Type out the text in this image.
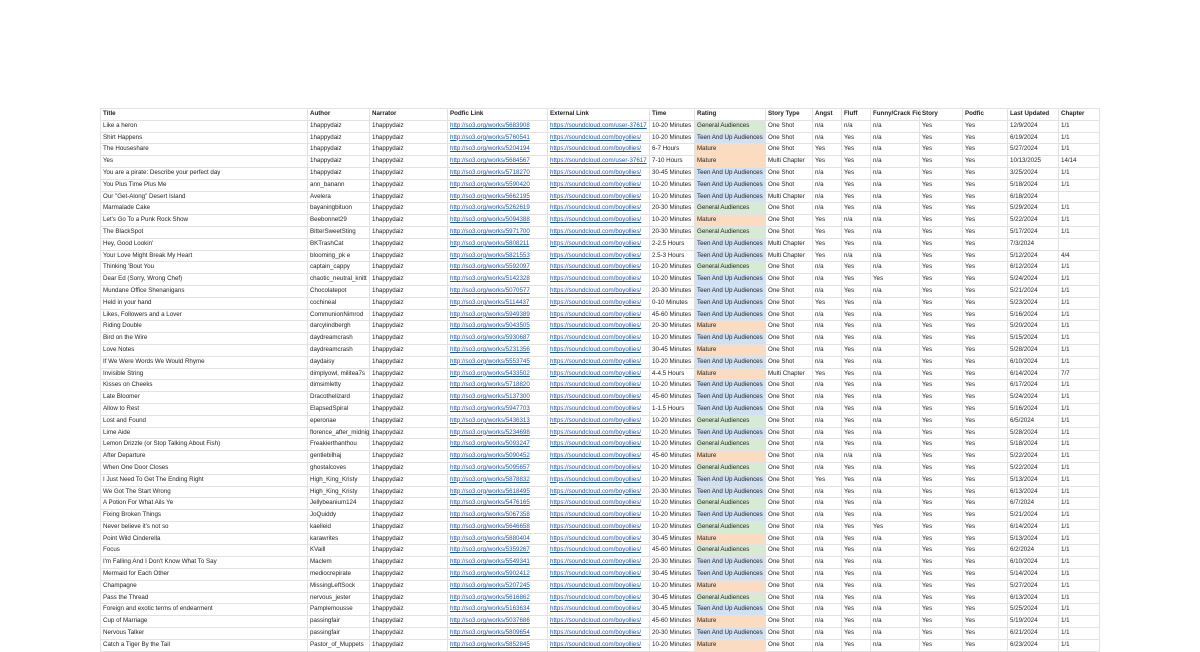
Title	Author	Narrator	Podfic Link	External Link	Time	Rating	Story Type	Angst	Fluff	Funny/Crack Fic	Story	Podfic	Last Updated	Chapter
Like a heron	1happydaiz	1happydaiz	http://so3.org/works/5683908	https://soundcloud.com/user-37617	10-20 Minutes	General Audiences	One Shot	n/a	n/a	n/a	Yes	Yes	12/9/2024	1/1
Shirt Happens	1happydaiz	1happydaiz	http://so3.org/works/5760541	https://soundcloud.com/boyollies/	10-20 Minutes	Teen And Up Audiences	One Shot	n/a	Yes	n/a	Yes	Yes	6/19/2024	1/1
The Houseshare	1happydaiz	1happydaiz	http://so3.org/works/5204194	https://soundcloud.com/boyollies/	6-7 Hours	Mature	One Shot	Yes	Yes	n/a	Yes	Yes	5/27/2024	1/1
Yes	1happydaiz	1happydaiz	http://so3.org/works/5684567	https://soundcloud.com/user-37617	7-10 Hours	Mature	Multi Chapter	Yes	Yes	n/a	Yes	Yes	10/13/2025	14/14
You are a pirate: Describe your perfect day	1happydaiz	1happydaiz	http://so3.org/works/5718270	https://soundcloud.com/boyollies/	30-45 Minutes	Teen And Up Audiences	One Shot	n/a	Yes	n/a	Yes	Yes	3/25/2024	1/1
You Plus Time Plus Me	ann_banann	1happydaiz	http://so3.org/works/5590420	https://soundcloud.com/boyollies/	10-20 Minutes	Teen And Up Audiences	One Shot	n/a	Yes	n/a	Yes	Yes	5/18/2024	1/1
Our "Get-Along" Desert Island	Avelera	1happydaiz	http://so3.org/works/5662195	https://soundcloud.com/boyollies/	10-20 Minutes	Teen And Up Audiences	Multi Chapter	n/a	Yes	n/a	Yes	Yes	6/18/2024	
Marmalade Cake	bayaningbituon	1happydaiz	http://so3.org/works/5262619	https://soundcloud.com/boyollies/	20-30 Minutes	General Audiences	One Shot	n/a	Yes	n/a	Yes	Yes	5/29/2024	1/1
Let's Go To a Punk Rock Show	Beebonnet29	1happydaiz	http://so3.org/works/5094388	https://soundcloud.com/boyollies/	10-20 Minutes	Mature	One Shot	Yes	n/a	n/a	Yes	Yes	5/22/2024	1/1
The BlackSpot	BitterSweetSting	1happydaiz	http://so3.org/works/5971700	https://soundcloud.com/boyollies/	20-30 Minutes	General Audiences	One Shot	Yes	Yes	n/a	Yes	Yes	5/17/2024	1/1
Hey, Good Lookin'	BKTrashCat	1happydaiz	http://so3.org/works/5808211	https://soundcloud.com/boyollies/	2-2.5 Hours	Teen And Up Audiences	Multi Chapter	Yes	Yes	n/a	Yes	Yes	7/3/2024	
Your Love Might Break My Heart	blooming_pk e	1happydaiz	http://so3.org/works/5821553	https://soundcloud.com/boyollies/	2.5-3 Hours	Teen And Up Audiences	Multi Chapter	Yes	n/a	n/a	Yes	Yes	5/12/2024	4/4
Thinking 'Bout You	captain_cappy	1happydaiz	http://so3.org/works/5592097	https://soundcloud.com/boyollies/	10-20 Minutes	General Audiences	One Shot	n/a	Yes	n/a	Yes	Yes	6/12/2024	1/1
Dear Ed (Sorry, Wrong Chef)	chaotic_neutral_knitt	1happydaiz	http://so3.org/works/5142328	https://soundcloud.com/boyollies/	10-20 Minutes	Teen And Up Audiences	One Shot	n/a	Yes	Yes	Yes	Yes	5/24/2024	1/1
Mundane Office Shenanigans	Chocolatepot	1happydaiz	http://so3.org/works/5070577	https://soundcloud.com/boyollies/	20-30 Minutes	Teen And Up Audiences	One Shot	n/a	Yes	n/a	Yes	Yes	5/21/2024	1/1
Held in your hand	cochineal	1happydaiz	http://so3.org/works/5114437	https://soundcloud.com/boyollies/	0-10 Minutes	Teen And Up Audiences	One Shot	Yes	Yes	n/a	Yes	Yes	5/23/2024	1/1
Likes, Followers and a Lover	CommunionNimrod	1happydaiz	http://so3.org/works/5949389	https://soundcloud.com/boyollies/	45-60 Minutes	Teen And Up Audiences	One Shot	n/a	Yes	n/a	Yes	Yes	5/16/2024	1/1
Riding Double	darcylindbergh	1happydaiz	http://so3.org/works/5043505	https://soundcloud.com/boyollies/	20-30 Minutes	Mature	One Shot	n/a	Yes	n/a	Yes	Yes	5/20/2024	1/1
Bird on the Wire	daydreamcrash	1happydaiz	http://so3.org/works/5930687	https://soundcloud.com/boyollies/	10-20 Minutes	Teen And Up Audiences	One Shot	n/a	Yes	n/a	Yes	Yes	5/15/2024	1/1
Love Notes	daydreamcrash	1happydaiz	http://so3.org/works/5231356	https://soundcloud.com/boyollies/	30-45 Minutes	Mature	One Shot	n/a	Yes	n/a	Yes	Yes	5/28/2024	1/1
If We Were Words We Would Rhyme	daydaisy	1happydaiz	http://so3.org/works/5553745	https://soundcloud.com/boyollies/	10-20 Minutes	Teen And Up Audiences	One Shot	n/a	Yes	n/a	Yes	Yes	6/10/2024	1/1
Invisible String	dimplyowl, militea7s	1happydaiz	http://so3.org/works/5433502	https://soundcloud.com/boyollies/	4-4.5 Hours	Mature	Multi Chapter	Yes	Yes	n/a	Yes	Yes	6/14/2024	7/7
Kisses on Cheeks	dimsimletty	1happydaiz	http://so3.org/works/5718820	https://soundcloud.com/boyollies/	10-20 Minutes	Teen And Up Audiences	One Shot	n/a	Yes	n/a	Yes	Yes	6/17/2024	1/1
Late Bloomer	Dracothelizard	1happydaiz	http://so3.org/works/5137300	https://soundcloud.com/boyollies/	45-60 Minutes	Teen And Up Audiences	One Shot	n/a	Yes	n/a	Yes	Yes	5/24/2024	1/1
Allow to Rest	ElapsedSpiral	1happydaiz	http://so3.org/works/5947703	https://soundcloud.com/boyollies/	1-1.5 Hours	Teen And Up Audiences	One Shot	n/a	Yes	n/a	Yes	Yes	5/16/2024	1/1
Lost and Found	eperonae	1happydaiz	http://so3.org/works/5436313	https://soundcloud.com/boyollies/	10-20 Minutes	General Audiences	One Shot	n/a	Yes	n/a	Yes	Yes	6/5/2024	1/1
Lime Aide	florence_after_midnig	1happydaiz	http://so3.org/works/5234698	https://soundcloud.com/boyollies/	10-20 Minutes	Teen And Up Audiences	One Shot	n/a	Yes	n/a	Yes	Yes	5/28/2024	1/1
Lemon Drizzle (or Stop Talking About Fish)	Freakierthanthou	1happydaiz	http://so3.org/works/5093247	https://soundcloud.com/boyollies/	10-20 Minutes	General Audiences	One Shot	n/a	Yes	n/a	Yes	Yes	5/18/2024	1/1
After Departure	gentlebilhaj	1happydaiz	http://so3.org/works/5090452	https://soundcloud.com/boyollies/	45-60 Minutes	Mature	One Shot	n/a	n/a	n/a	Yes	Yes	5/22/2024	1/1
When One Door Closes	ghostalcoves	1happydaiz	http://so3.org/works/5095657	https://soundcloud.com/boyollies/	10-20 Minutes	General Audiences	One Shot	n/a	Yes	n/a	Yes	Yes	5/22/2024	1/1
I Just Need To Get The Ending Right	High_King_Kristy	1happydaiz	http://so3.org/works/5878832	https://soundcloud.com/boyollies/	10-20 Minutes	Teen And Up Audiences	One Shot	Yes	Yes	n/a	Yes	Yes	5/13/2024	1/1
We Got The Start Wrong	High_King_Kristy	1happydaiz	http://so3.org/works/5618495	https://soundcloud.com/boyollies/	20-30 Minutes	Teen And Up Audiences	One Shot	n/a	Yes	n/a	Yes	Yes	6/13/2024	1/1
A Potion For What Ails Ye	Jellybeanium124	1happydaiz	http://so3.org/works/5476165	https://soundcloud.com/boyollies/	10-20 Minutes	General Audiences	One Shot	n/a	Yes	n/a	Yes	Yes	6/7/2024	1/1
Fixing Broken Things	JoQuiddy	1happydaiz	http://so3.org/works/5067358	https://soundcloud.com/boyollies/	10-20 Minutes	Teen And Up Audiences	One Shot	n/a	Yes	n/a	Yes	Yes	5/21/2024	1/1
Never believe it's not so	kaelleid	1happydaiz	http://so3.org/works/5646658	https://soundcloud.com/boyollies/	10-20 Minutes	General Audiences	One Shot	n/a	Yes	Yes	Yes	Yes	6/14/2024	1/1
Point Wild Cinderella	karawrites	1happydaiz	http://so3.org/works/5880404	https://soundcloud.com/boyollies/	30-45 Minutes	Mature	One Shot	n/a	Yes	n/a	Yes	Yes	5/13/2024	1/1
Focus	KVaill	1happydaiz	http://so3.org/works/5359267	https://soundcloud.com/boyollies/	45-60 Minutes	General Audiences	One Shot	n/a	Yes	n/a	Yes	Yes	6/2/2024	1/1
I'm Falling And I Don't Know What To Say	Maclem	1happydaiz	http://so3.org/works/5549341	https://soundcloud.com/boyollies/	20-30 Minutes	Teen And Up Audiences	One Shot	n/a	Yes	n/a	Yes	Yes	6/10/2024	1/1
Mermaid for Each Other	mediocrepirate	1happydaiz	http://so3.org/works/5902412	https://soundcloud.com/boyollies/	30-45 Minutes	Teen And Up Audiences	One Shot	n/a	Yes	n/a	Yes	Yes	5/14/2024	1/1
Champagne	MissingLeftSock	1happydaiz	http://so3.org/works/5207245	https://soundcloud.com/boyollies/	10-20 Minutes	Mature	One Shot	n/a	Yes	n/a	Yes	Yes	5/27/2024	1/1
Pass the Thread	nervous_jester	1happydaiz	http://so3.org/works/5616862	https://soundcloud.com/boyollies/	30-45 Minutes	General Audiences	One Shot	n/a	Yes	n/a	Yes	Yes	6/13/2024	1/1
Foreign and exotic terms of endearment	Pamplemousse	1happydaiz	http://so3.org/works/5163634	https://soundcloud.com/boyollies/	30-45 Minutes	Teen And Up Audiences	One Shot	n/a	Yes	n/a	Yes	Yes	5/25/2024	1/1
Cup of Marriage	passingfair	1happydaiz	http://so3.org/works/5037686	https://soundcloud.com/boyollies/	45-60 Minutes	Mature	One Shot	n/a	Yes	n/a	Yes	Yes	5/19/2024	1/1
Nervous Talker	passingfair	1happydaiz	http://so3.org/works/5809654	https://soundcloud.com/boyollies/	20-30 Minutes	Teen And Up Audiences	One Shot	n/a	Yes	n/a	Yes	Yes	6/21/2024	1/1
Catch a Tiger By the Tail	Pastor_of_Muppets	1happydaiz	http://so3.org/works/5852845	https://soundcloud.com/boyollies/	10-20 Minutes	Mature	One Shot	n/a	Yes	n/a	Yes	Yes	6/23/2024	1/1
